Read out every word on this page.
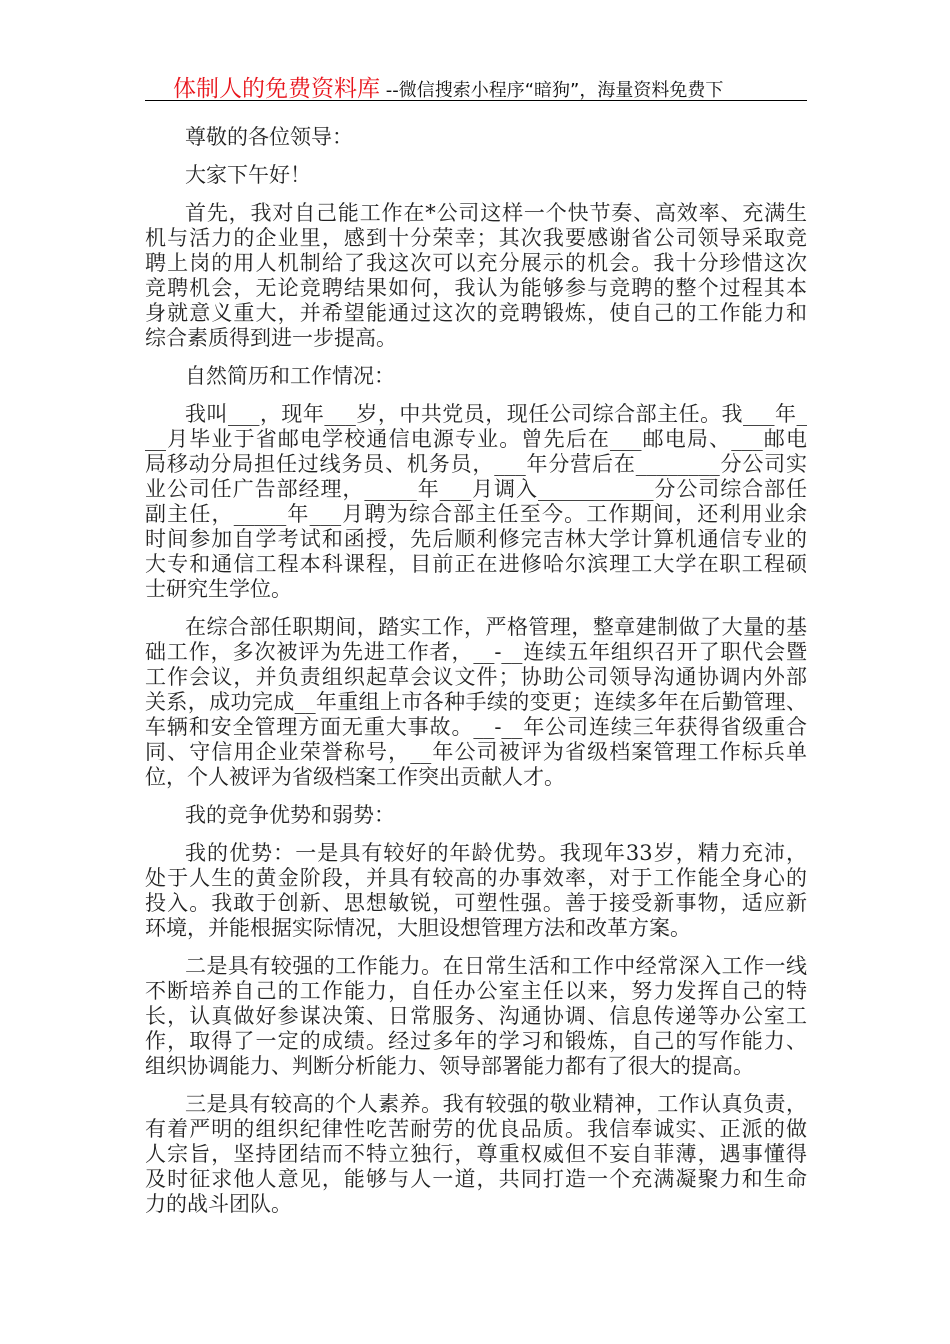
体制人的免费资料库 --微信搜索小程序“暗狗”，海量资料免费下
尊敬的各位领导：
大家下午好！
首先，我对自己能工作在*公司这样一个快节奏、高效率、充满生
机与活力的企业里，感到十分荣幸；其次我要感谢省公司领导采取竞
聘上岗的用人机制给了我这次可以充分展示的机会。我十分珍惜这次
竞聘机会，无论竞聘结果如何，我认为能够参与竞聘的整个过程其本
身就意义重大，并希望能通过这次的竞聘锻炼，使自己的工作能力和
综合素质得到进一步提高。
自然简历和工作情况：
我叫___，现年___岁，中共党员，现任公司综合部主任。我___年_
__月毕业于省邮电学校通信电源专业。曾先后在___邮电局、___邮电
局移动分局担任过线务员、机务员，___年分营后在________分公司实
业公司任广告部经理，_____年___月调入___________分公司综合部任
副主任，_____年___月聘为综合部主任至今。工作期间，还利用业余
时间参加自学考试和函授，先后顺利修完吉林大学计算机通信专业的
大专和通信工程本科课程，目前正在进修哈尔滨理工大学在职工程硕
士研究生学位。
在综合部任职期间，踏实工作，严格管理，整章建制做了大量的基
础工作，多次被评为先进工作者，__-__连续五年组织召开了职代会暨
工作会议，并负责组织起草会议文件；协助公司领导沟通协调内外部
关系，成功完成__年重组上市各种手续的变更；连续多年在后勤管理、
车辆和安全管理方面无重大事故。__-__年公司连续三年获得省级重合
同、守信用企业荣誉称号，__年公司被评为省级档案管理工作标兵单
位，个人被评为省级档案工作突出贡献人才。
我的竞争优势和弱势：
我的优势：一是具有较好的年龄优势。我现年33岁，精力充沛，
处于人生的黄金阶段，并具有较高的办事效率，对于工作能全身心的
投入。我敢于创新、思想敏锐，可塑性强。善于接受新事物，适应新
环境，并能根据实际情况，大胆设想管理方法和改革方案。
二是具有较强的工作能力。在日常生活和工作中经常深入工作一线
不断培养自己的工作能力，自任办公室主任以来，努力发挥自己的特
长，认真做好参谋决策、日常服务、沟通协调、信息传递等办公室工
作，取得了一定的成绩。经过多年的学习和锻炼，自己的写作能力、
组织协调能力、判断分析能力、领导部署能力都有了很大的提高。
三是具有较高的个人素养。我有较强的敬业精神，工作认真负责，
有着严明的组织纪律性吃苦耐劳的优良品质。我信奉诚实、正派的做
人宗旨，坚持团结而不特立独行，尊重权威但不妄自菲薄，遇事懂得
及时征求他人意见，能够与人一道，共同打造一个充满凝聚力和生命
力的战斗团队。
